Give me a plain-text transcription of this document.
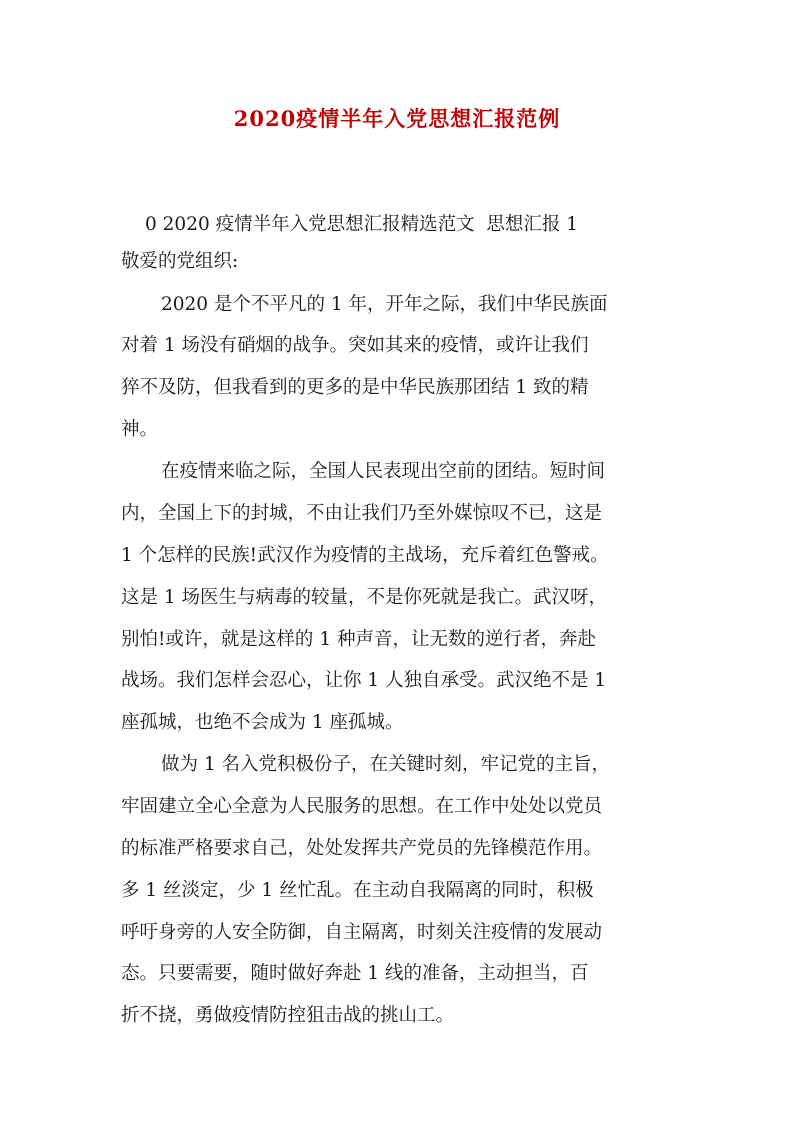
2020疫情半年入党思想汇报范例
0 2020 疫情半年入党思想汇报精选范文  思想汇报 1
敬爱的党组织:
2020 是个不平凡的 1 年，开年之际，我们中华民族面
对着 1 场没有硝烟的战争。突如其来的疫情，或许让我们
猝不及防，但我看到的更多的是中华民族那团结 1 致的精
神。
在疫情来临之际，全国人民表现出空前的团结。短时间
内，全国上下的封城，不由让我们乃至外媒惊叹不已，这是
1 个怎样的民族!武汉作为疫情的主战场，充斥着红色警戒。
这是 1 场医生与病毒的较量，不是你死就是我亡。武汉呀，
别怕!或许，就是这样的 1 种声音，让无数的逆行者，奔赴
战场。我们怎样会忍心，让你 1 人独自承受。武汉绝不是 1
座孤城，也绝不会成为 1 座孤城。
做为 1 名入党积极份子，在关键时刻，牢记党的主旨，
牢固建立全心全意为人民服务的思想。在工作中处处以党员
的标准严格要求自己，处处发挥共产党员的先锋模范作用。
多 1 丝淡定，少 1 丝忙乱。在主动自我隔离的同时，积极
呼吁身旁的人安全防御，自主隔离，时刻关注疫情的发展动
态。只要需要，随时做好奔赴 1 线的准备，主动担当，百
折不挠，勇做疫情防控狙击战的挑山工。
